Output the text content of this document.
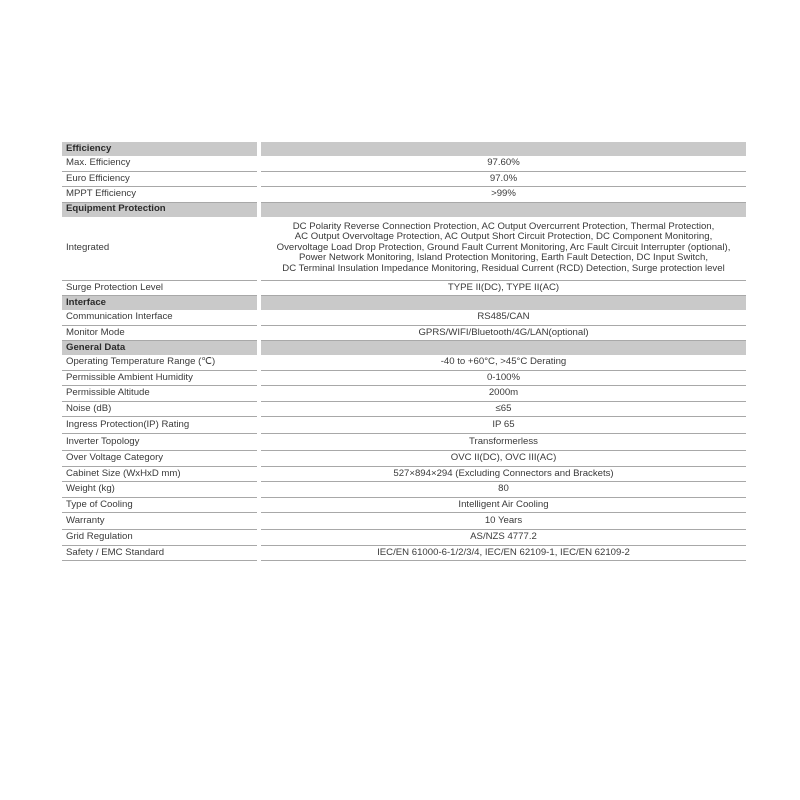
Efficiency		
Max. Efficiency		97.60%
Euro Efficiency		97.0%
MPPT Efficiency		>99%
Equipment Protection		
Integrated		DC Polarity Reverse Connection Protection, AC Output Overcurrent Protection, Thermal Protection,
AC Output Overvoltage Protection, AC Output Short Circuit Protection, DC Component Monitoring,
Overvoltage Load Drop Protection, Ground Fault Current Monitoring, Arc Fault Circuit Interrupter (optional),
Power Network Monitoring, Island Protection Monitoring, Earth Fault Detection, DC Input Switch,
DC Terminal Insulation Impedance Monitoring, Residual Current (RCD) Detection, Surge protection level
Surge Protection Level		TYPE II(DC), TYPE II(AC)
Interface		
Communication Interface		RS485/CAN
Monitor Mode		GPRS/WIFI/Bluetooth/4G/LAN(optional)
General Data		
Operating Temperature Range (℃)		-40 to +60°C, >45°C Derating
Permissible Ambient Humidity		0-100%
Permissible Altitude		2000m
Noise (dB)		≤65
Ingress Protection(IP) Rating		IP 65
Inverter Topology		Transformerless
Over Voltage Category		OVC II(DC), OVC III(AC)
Cabinet Size (WxHxD mm)		527×894×294 (Excluding Connectors and Brackets)
Weight (kg)		80
Type of Cooling		Intelligent Air Cooling
Warranty		10 Years
Grid Regulation		AS/NZS 4777.2
Safety / EMC Standard		IEC/EN 61000-6-1/2/3/4, IEC/EN 62109-1, IEC/EN 62109-2
